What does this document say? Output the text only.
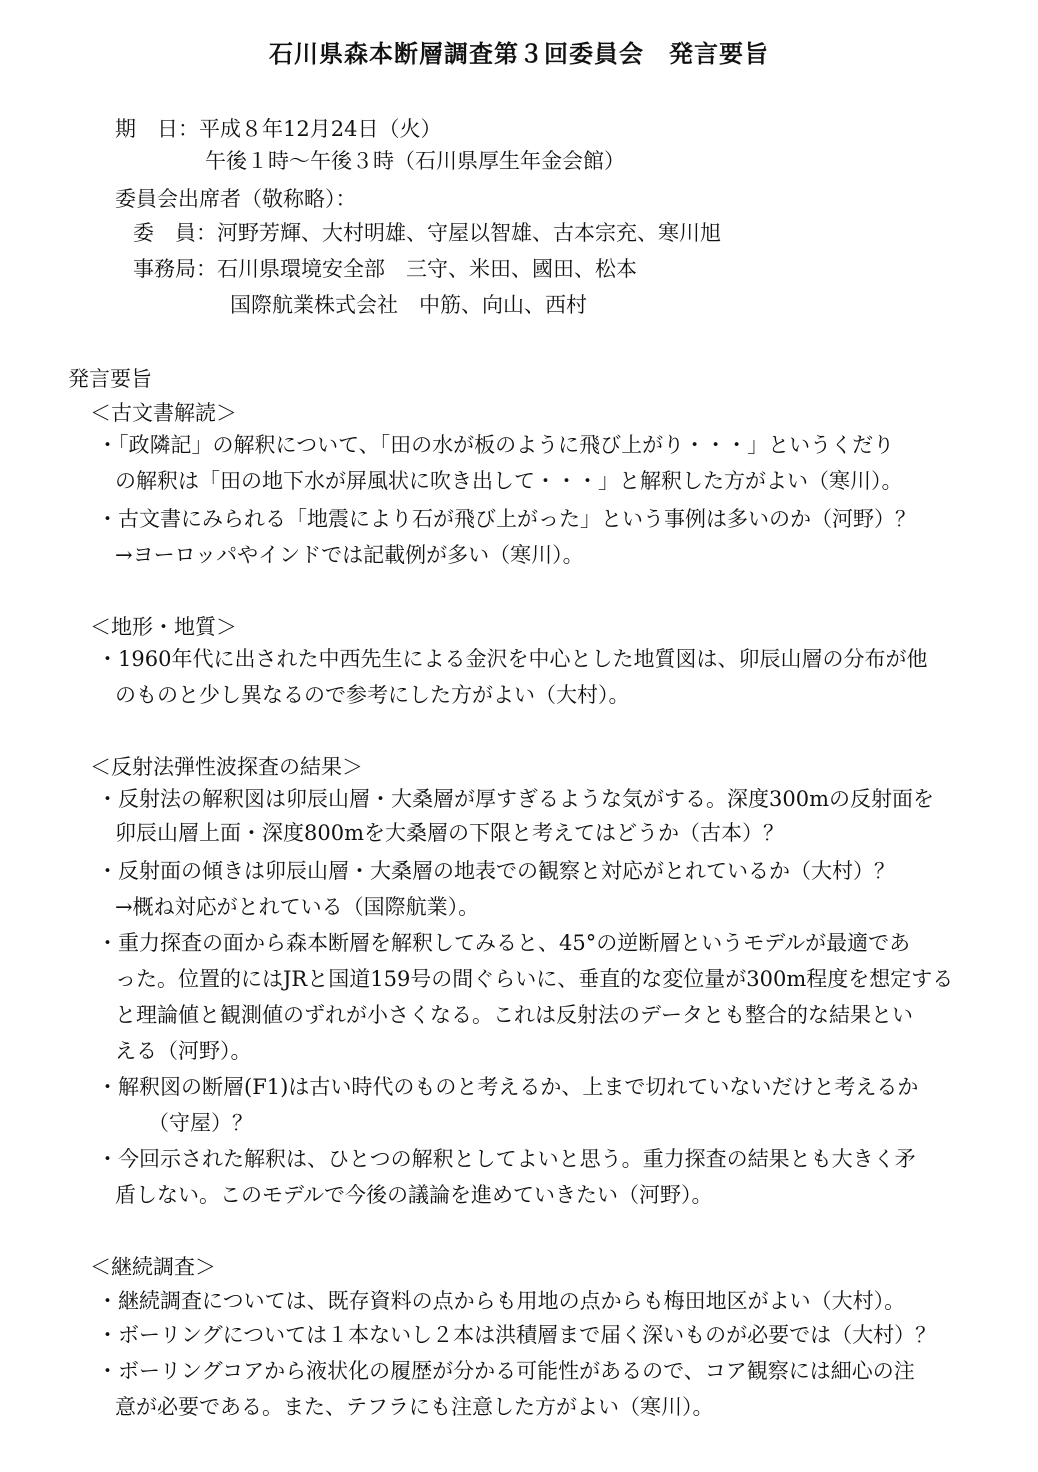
石川県森本断層調査第３回委員会　発言要旨
期　日：平成８年12月24日（火）
午後１時～午後３時（石川県厚生年金会館）
委員会出席者（敬称略）：
委　員：河野芳輝、大村明雄、守屋以智雄、古本宗充、寒川旭
事務局：石川県環境安全部　三守、米田、國田、松本
国際航業株式会社　中筋、向山、西村
発言要旨
＜古文書解読＞
・「政隣記」の解釈について、「田の水が板のように飛び上がり・・・」というくだり
の解釈は「田の地下水が屏風状に吹き出して・・・」と解釈した方がよい（寒川）。
・古文書にみられる「地震により石が飛び上がった」という事例は多いのか（河野）？
→ヨーロッパやインドでは記載例が多い（寒川）。
＜地形・地質＞
・1960年代に出された中西先生による金沢を中心とした地質図は、卯辰山層の分布が他
のものと少し異なるので参考にした方がよい（大村）。
＜反射法弾性波探査の結果＞
・反射法の解釈図は卯辰山層・大桑層が厚すぎるような気がする。深度300mの反射面を
卯辰山層上面・深度800mを大桑層の下限と考えてはどうか（古本）？
・反射面の傾きは卯辰山層・大桑層の地表での観察と対応がとれているか（大村）？
→概ね対応がとれている（国際航業）。
・重力探査の面から森本断層を解釈してみると、45°の逆断層というモデルが最適であ
った。位置的にはJRと国道159号の間ぐらいに、垂直的な変位量が300m程度を想定する
と理論値と観測値のずれが小さくなる。これは反射法のデータとも整合的な結果とい
える（河野）。
・解釈図の断層(F1)は古い時代のものと考えるか、上まで切れていないだけと考えるか
（守屋）？
・今回示された解釈は、ひとつの解釈としてよいと思う。重力探査の結果とも大きく矛
盾しない。このモデルで今後の議論を進めていきたい（河野）。
＜継続調査＞
・継続調査については、既存資料の点からも用地の点からも梅田地区がよい（大村）。
・ボーリングについては１本ないし２本は洪積層まで届く深いものが必要では（大村）？
・ボーリングコアから液状化の履歴が分かる可能性があるので、コア観察には細心の注
意が必要である。また、テフラにも注意した方がよい（寒川）。
